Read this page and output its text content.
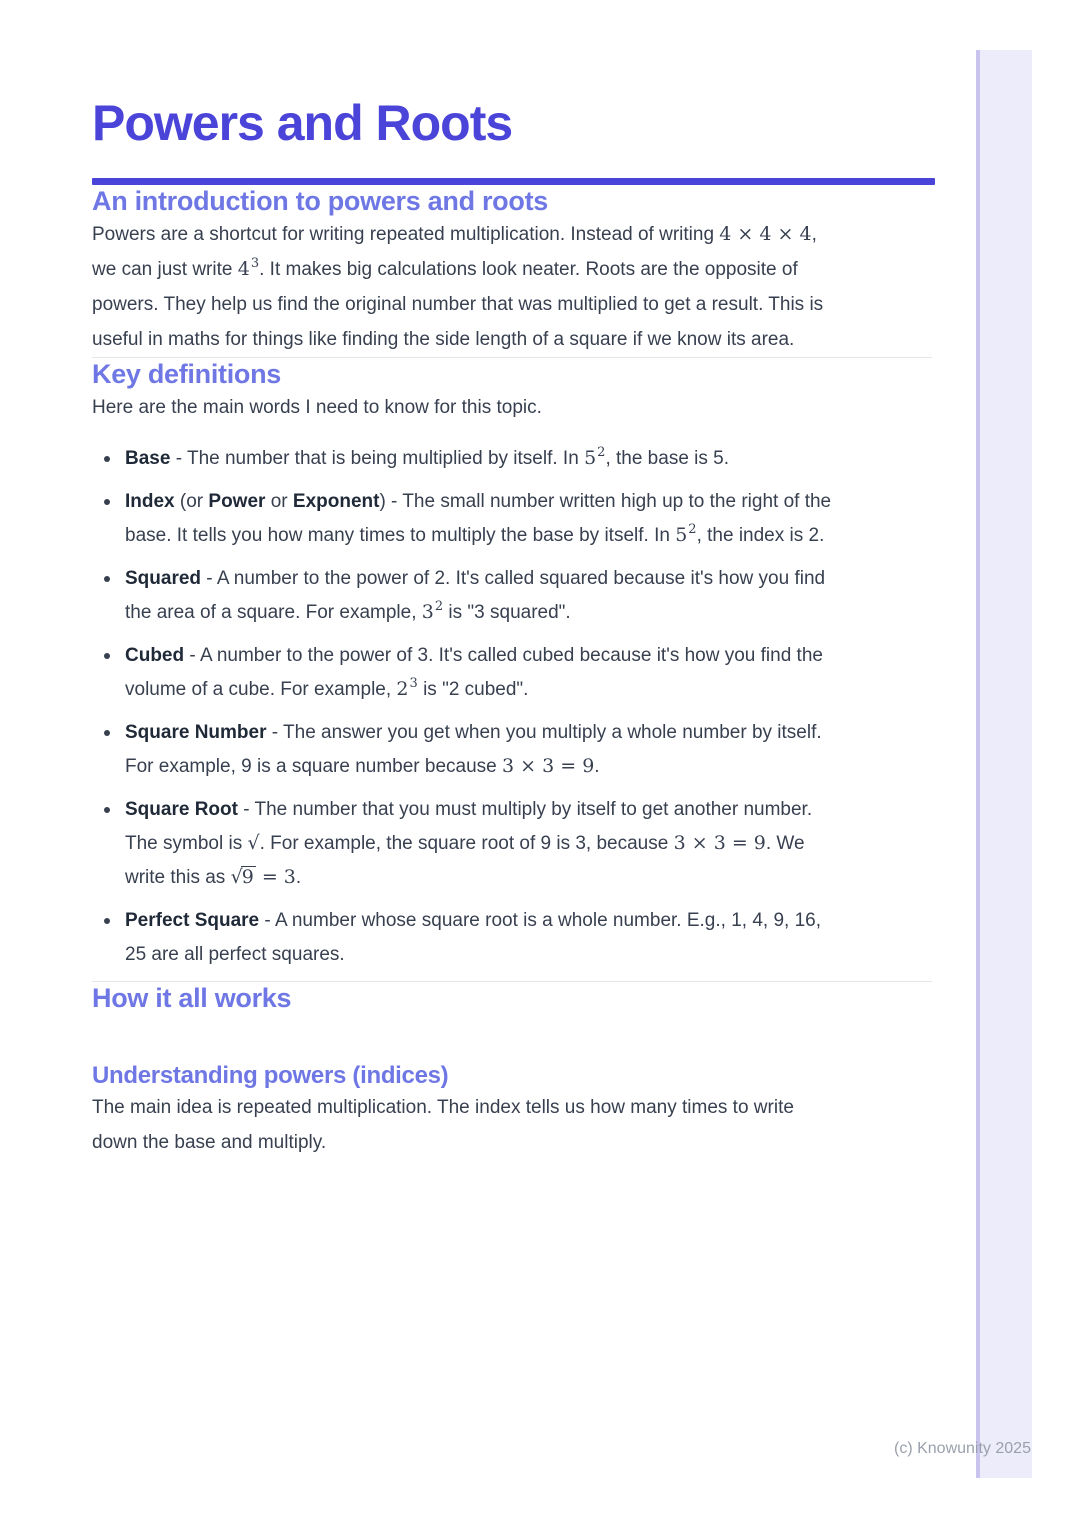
(c) Knowunity 2025
Powers and Roots
An introduction to powers and roots

Powers are a shortcut for writing repeated multiplication. Instead of writing 4 × 4 × 4, we can just write $4^3$. It makes big calculations look neater. Roots are the opposite of powers. They help us find the original number that was multiplied to get a result. This is useful in maths for things like finding the side length of a square if we know its area.

Key definitions

Here are the main words I need to know for this topic.

Base - The number that is being multiplied by itself. In $5^2$, the base is 5.
Index (or Power or Exponent) - The small number written high up to the right of the base. It tells you how many times to multiply the base by itself. In $5^2$, the index is 2.
Squared - A number to the power of 2. It's called squared because it's how you find the area of a square. For example, $3^2$ is "3 squared".
Cubed - A number to the power of 3. It's called cubed because it's how you find the volume of a cube. For example, $2^3$ is "2 cubed".
Square Number - The answer you get when you multiply a whole number by itself. For example, 9 is a square number because 3 × 3 = 9.
Square Root - The number that you must multiply by itself to get another number. The symbol is √. For example, the square root of 9 is 3, because 3 × 3 = 9. We write this as √9 = 3.
Perfect Square - A number whose square root is a whole number. E.g., 1, 4, 9, 16, 25 are all perfect squares.
How it all works
Understanding powers (indices)

The main idea is repeated multiplication. The index tells us how many times to write down the base and multiply.
